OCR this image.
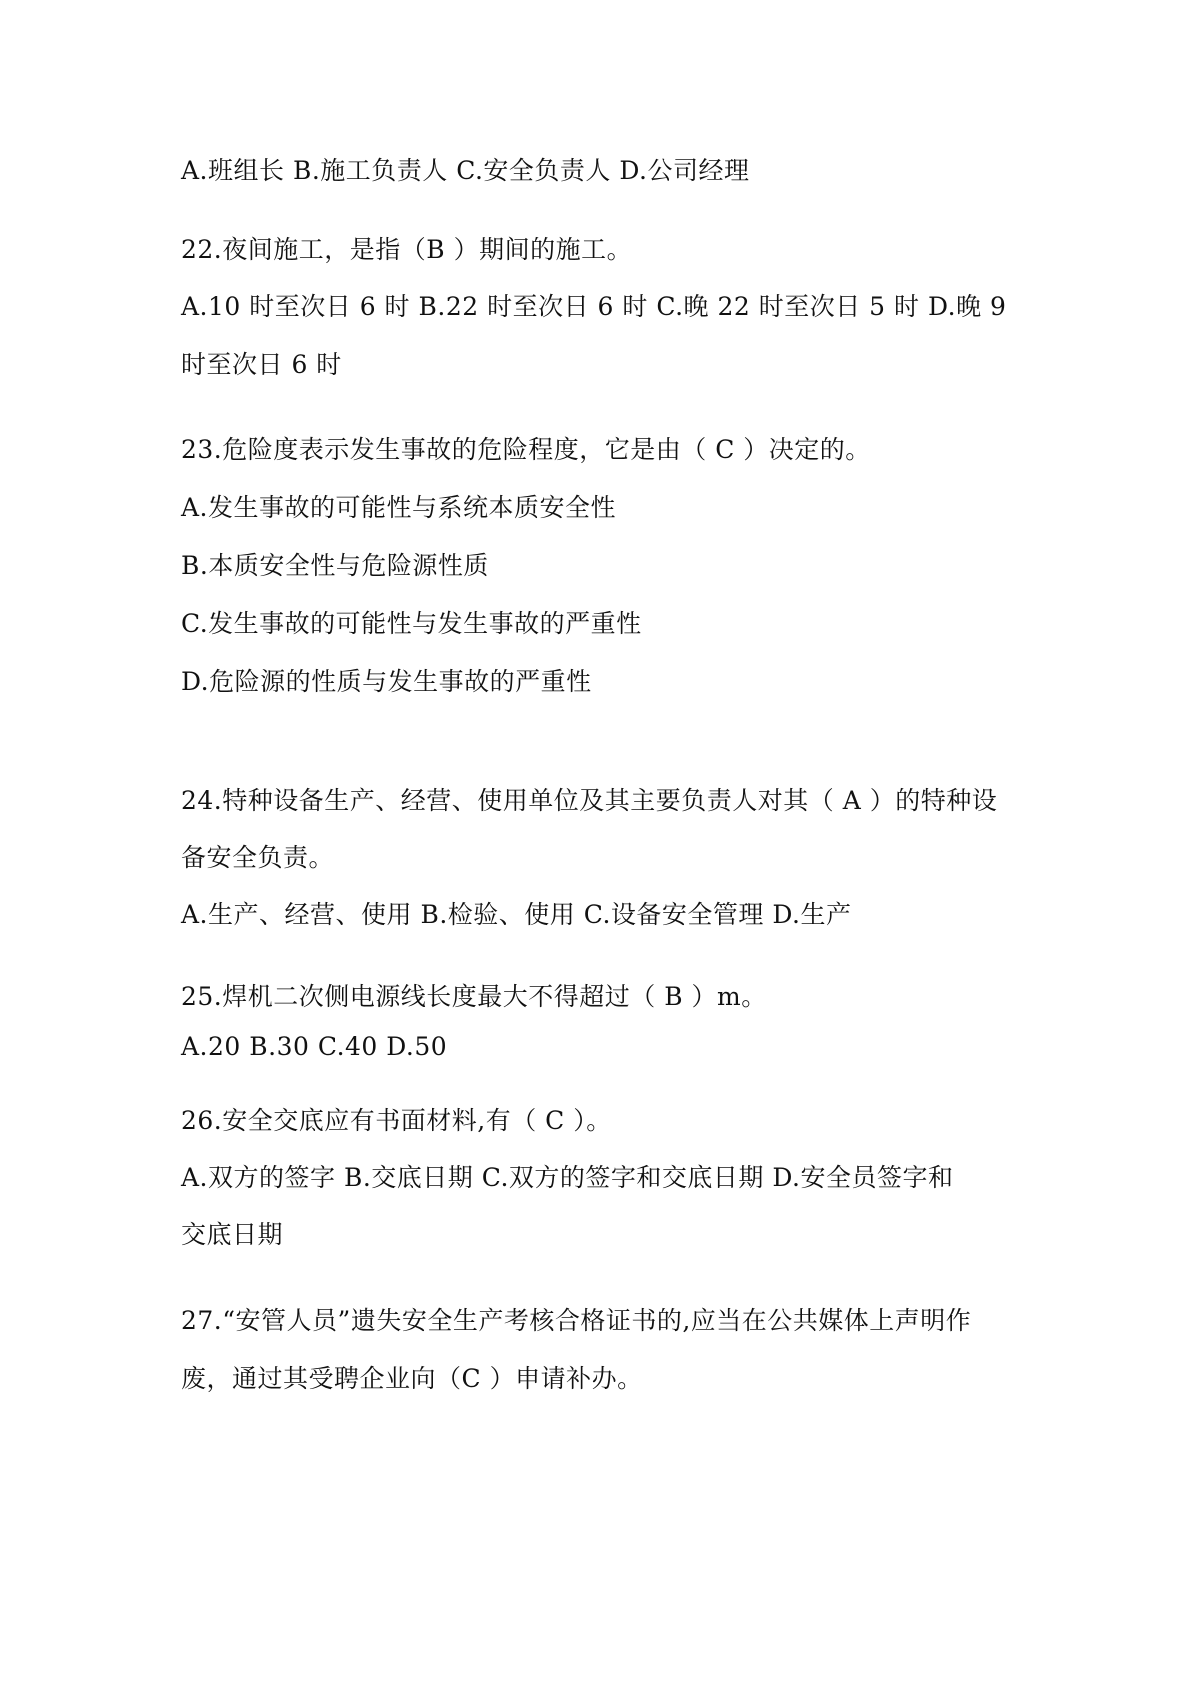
A.班组长 B.施工负责人 C.安全负责人 D.公司经理
22.夜间施工，是指（B ）期间的施工。
A.10 时至次日 6 时 B.22 时至次日 6 时 C.晚 22 时至次日 5 时 D.晚 9
时至次日 6 时
23.危险度表示发生事故的危险程度，它是由（ C ）决定的。
A.发生事故的可能性与系统本质安全性
B.本质安全性与危险源性质
C.发生事故的可能性与发生事故的严重性
D.危险源的性质与发生事故的严重性
24.特种设备生产、经营、使用单位及其主要负责人对其（ A ）的特种设
备安全负责。
A.生产、经营、使用 B.检验、使用 C.设备安全管理 D.生产
25.焊机二次侧电源线长度最大不得超过（ B ）m。
A.20 B.30 C.40 D.50
26.安全交底应有书面材料,有（ C ）。
A.双方的签字 B.交底日期 C.双方的签字和交底日期 D.安全员签字和
交底日期
27.“安管人员”遗失安全生产考核合格证书的,应当在公共媒体上声明作
废，通过其受聘企业向（C ）申请补办。
